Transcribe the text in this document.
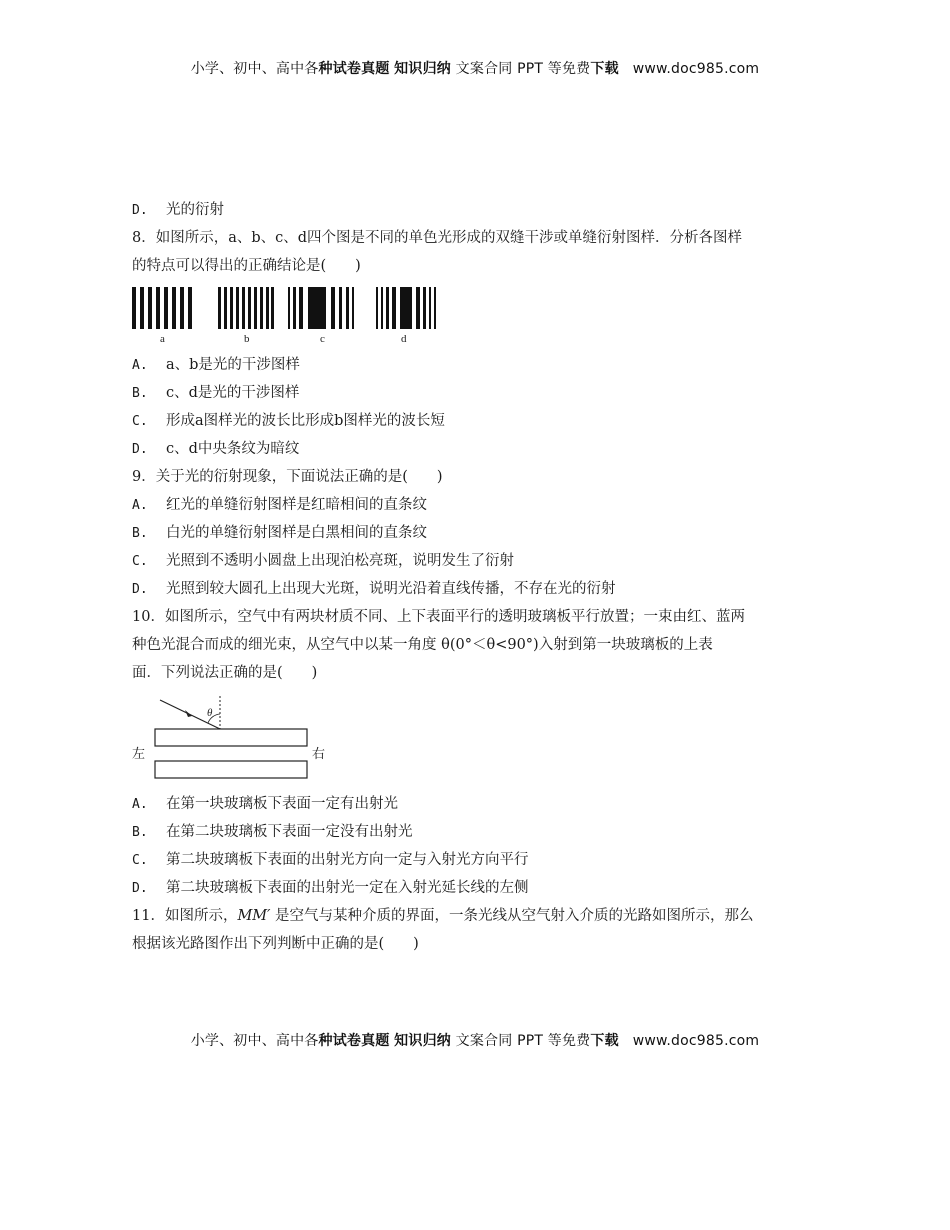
小学、初中、高中各种试卷真题 知识归纳 文案合同 PPT 等免费下载 www.doc985.com
D. 光的衍射
8．如图所示，a、b、c、d四个图是不同的单色光形成的双缝干涉或单缝衍射图样．分析各图样
的特点可以得出的正确结论是(　　)
a	b	c	d
A. a、b是光的干涉图样
B. c、d是光的干涉图样
C. 形成a图样光的波长比形成b图样光的波长短
D. c、d中央条纹为暗纹
9．关于光的衍射现象，下面说法正确的是(　　)
A. 红光的单缝衍射图样是红暗相间的直条纹
B. 白光的单缝衍射图样是白黑相间的直条纹
C. 光照到不透明小圆盘上出现泊松亮斑，说明发生了衍射
D. 光照到较大圆孔上出现大光斑，说明光沿着直线传播，不存在光的衍射
10．如图所示，空气中有两块材质不同、上下表面平行的透明玻璃板平行放置；一束由红、蓝两
种色光混合而成的细光束，从空气中以某一角度 θ(0°＜θ<90°)入射到第一块玻璃板的上表
面．下列说法正确的是(　　)
θ
左	右
A. 在第一块玻璃板下表面一定有出射光
B. 在第二块玻璃板下表面一定没有出射光
C. 第二块玻璃板下表面的出射光方向一定与入射光方向平行
D. 第二块玻璃板下表面的出射光一定在入射光延长线的左侧
11．如图所示，MM′ 是空气与某种介质的界面，一条光线从空气射入介质的光路如图所示，那么
根据该光路图作出下列判断中正确的是(　　)
小学、初中、高中各种试卷真题 知识归纳 文案合同 PPT 等免费下载 www.doc985.com
